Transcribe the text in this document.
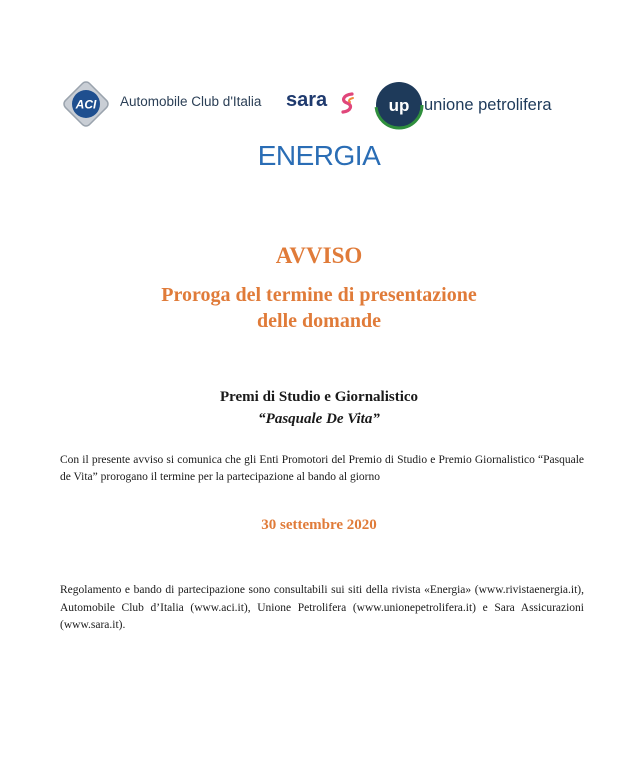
ACI Automobile Club d'Italia sara	up unione petrolifera
ENERGIA
AVVISO
Proroga del termine di presentazione
delle domande
Premi di Studio e Giornalistico
“Pasquale De Vita”

Con il presente avviso si comunica che gli Enti Promotori del Premio di Studio e Premio Giornalistico “Pasquale de Vita” prorogano il termine per la partecipazione al bando al giorno

30 settembre 2020

Regolamento e bando di partecipazione sono consultabili sui siti della rivista «Energia» (www.rivistaenergia.it), Automobile Club d’Italia (www.aci.it), Unione Petrolifera (www.unionepetrolifera.it) e Sara Assicurazioni (www.sara.it).
